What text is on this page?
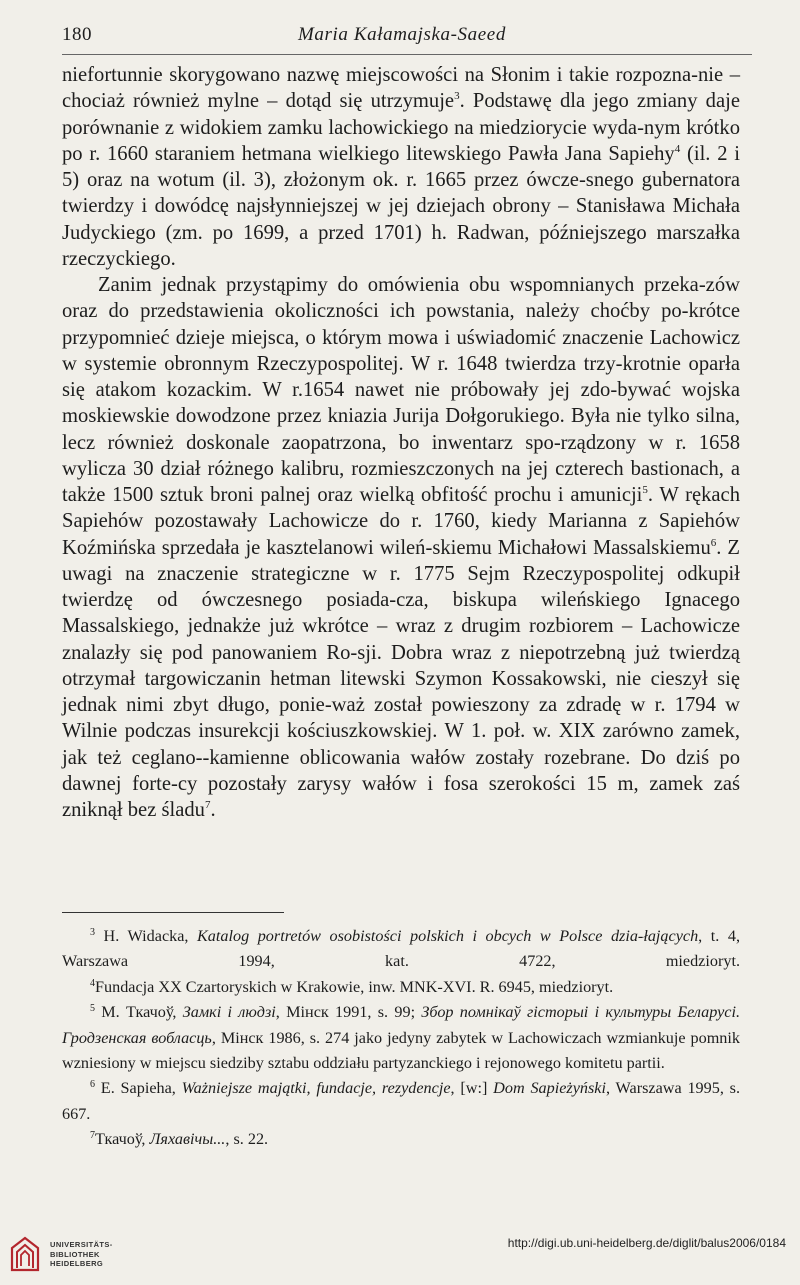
180	Maria Kałamajska-Saeed

niefortunnie skorygowano nazwę miejscowości na Słonim i takie rozpozna-nie – chociaż również mylne – dotąd się utrzymuje$^3$. Podstawę dla jego zmiany daje porównanie z widokiem zamku lachowickiego na miedziorycie wyda-nym krótko po r. 1660 staraniem hetmana wielkiego litewskiego Pawła Jana Sapiehy$^4$ (il. 2 i 5) oraz na wotum (il. 3), złożonym ok. r. 1665 przez ówcze-snego gubernatora twierdzy i dowódcę najsłynniejszej w jej dziejach obrony – Stanisława Michała Judyckiego (zm. po 1699, a przed 1701) h. Radwan, późniejszego marszałka rzeczyckiego.

Zanim jednak przystąpimy do omówienia obu wspomnianych przeka-zów oraz do przedstawienia okoliczności ich powstania, należy choćby po-krótce przypomnieć dzieje miejsca, o którym mowa i uświadomić znaczenie Lachowicz w systemie obronnym Rzeczypospolitej. W r. 1648 twierdza trzy-krotnie oparła się atakom kozackim. W r.1654 nawet nie próbowały jej zdo-bywać wojska moskiewskie dowodzone przez kniazia Jurija Dołgorukiego. Była nie tylko silna, lecz również doskonale zaopatrzona, bo inwentarz spo-rządzony w r. 1658 wylicza 30 dział różnego kalibru, rozmieszczonych na jej czterech bastionach, a także 1500 sztuk broni palnej oraz wielką obfitość prochu i amunicji$^5$. W rękach Sapiehów pozostawały Lachowicze do r. 1760, kiedy Marianna z Sapiehów Koźmińska sprzedała je kasztelanowi wileń-skiemu Michałowi Massalskiemu$^6$. Z uwagi na znaczenie strategiczne w r. 1775 Sejm Rzeczypospolitej odkupił twierdzę od ówczesnego posiada-cza, biskupa wileńskiego Ignacego Massalskiego, jednakże już wkrótce – wraz z drugim rozbiorem – Lachowicze znalazły się pod panowaniem Ro-sji. Dobra wraz z niepotrzebną już twierdzą otrzymał targowiczanin hetman litewski Szymon Kossakowski, nie cieszył się jednak nimi zbyt długo, ponie-waż został powieszony za zdradę w r. 1794 w Wilnie podczas insurekcji kościuszkowskiej. W 1. poł. w. XIX zarówno zamek, jak też ceglano--kamienne oblicowania wałów zostały rozebrane. Do dziś po dawnej forte-cy pozostały zarysy wałów i fosa szerokości 15 m, zamek zaś zniknął bez śladu$^7$.

$^3$ H. Widacka, Katalog portretów osobistości polskich i obcych w Polsce dzia-łających, t. 4, Warszawa 1994, kat. 4722, miedzioryt.

$^4$Fundacja XX Czartoryskich w Krakowie, inw. MNK-XVI. R. 6945, miedzioryt.

$^5$ M. Ткачоў, Замкі і людзі, Мінск 1991, s. 99; Збор помнікаў гісторыі і культуры Беларусі. Гродзенская вобласць, Мінск 1986, s. 274 jako jedyny zabytek w Lachowiczach wzmiankuje pomnik wzniesiony w miejscu siedziby sztabu oddziału partyzanckiego i rejonowego komitetu partii.

$^6$ E. Sapieha, Ważniejsze majątki, fundacje, rezydencje, [w:] Dom Sapieżyński, Warszawa 1995, s. 667.

$^7$Ткачоў, Ляхавічы..., s. 22.

UNIVERSITÄTS-
BIBLIOTHEK
HEIDELBERG
http://digi.ub.uni-heidelberg.de/diglit/balus2006/0184
